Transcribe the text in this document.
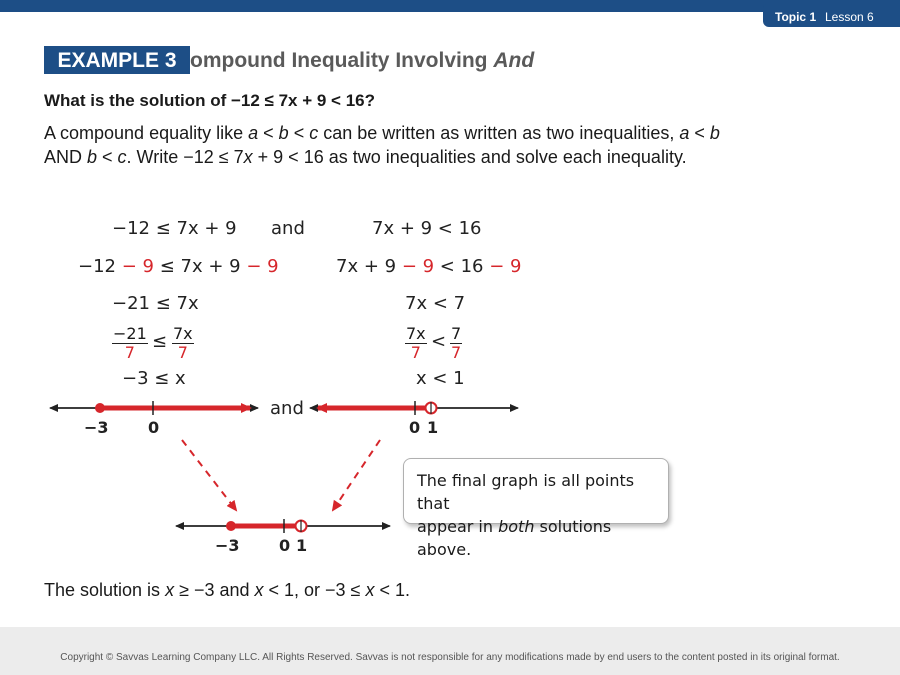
Topic 1 Lesson 6
EXAMPLE 3 ompound Inequality Involving And
What is the solution of −12 ≤ 7x + 9 < 16?
A compound equality like a < b < c can be written as written as two inequalities, a < b AND b < c. Write −12 ≤ 7x + 9 < 16 as two inequalities and solve each inequality.
−12 ≤ 7x + 9 and
−12 − 9 ≤ 7x + 9 − 9
−21 ≤ 7x
$\frac{-21}{7} \le \frac{7x}{7}$
−3 ≤ x
7x + 9 < 16
7x + 9 − 9 < 16 − 9
7x < 7
$\frac{7x}{7} < \frac{7}{7}$
x < 1
−3 0
and
0 1
−3 0 1
The final graph is all points that
appear in both solutions above.
The solution is x ≥ −3 and x < 1, or −3 ≤ x < 1.
Copyright © Savvas Learning Company LLC. All Rights Reserved. Savvas is not responsible for any modifications made by end users to the content posted in its original format.
